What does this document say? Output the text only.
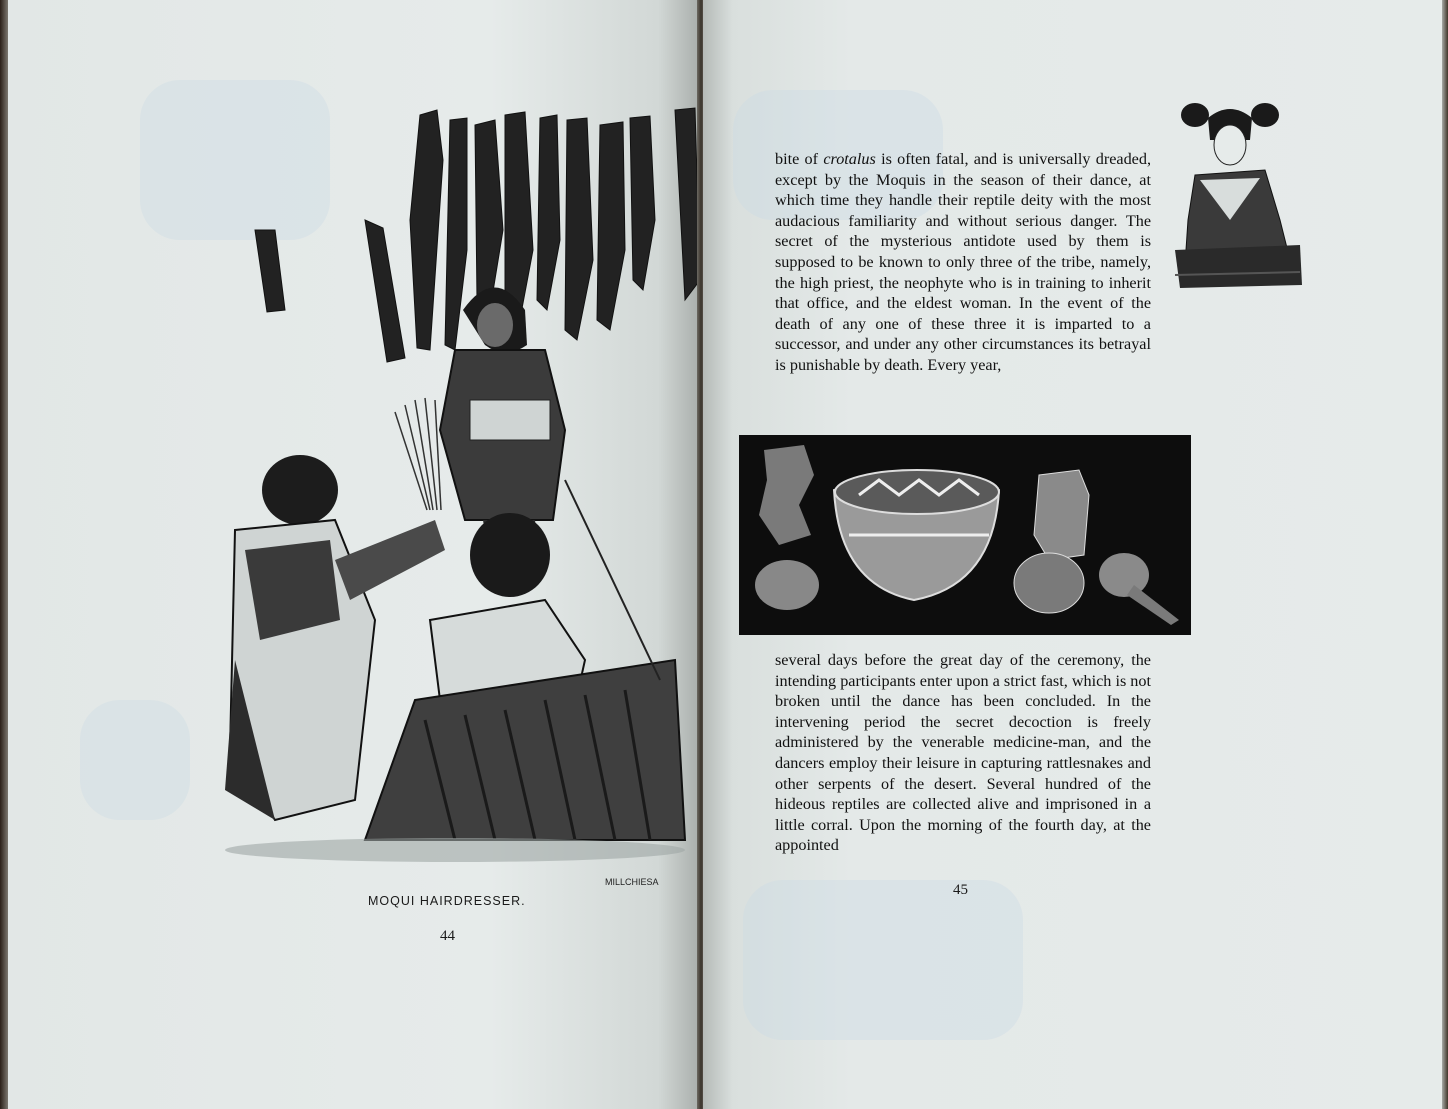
MILLCHIESA
MOQUI HAIRDRESSER.
44

bite of crotalus is often fatal, and is universally dreaded, except by the Moquis in the season of their dance, at which time they handle their reptile deity with the most audacious familiarity and without serious danger. The secret of the mysterious antidote used by them is supposed to be known to only three of the tribe, namely, the high priest, the neophyte who is in training to inherit that office, and the eldest woman. In the event of the death of any one of these three it is imparted to a successor, and under any other circumstances its betrayal is punishable by death. Every year,

several days before the great day of the ceremony, the intending participants enter upon a strict fast, which is not broken until the dance has been concluded. In the intervening period the secret decoction is freely administered by the venerable medicine-man, and the dancers employ their leisure in capturing rattlesnakes and other serpents of the desert. Several hundred of the hideous reptiles are collected alive and imprisoned in a little corral. Upon the morning of the fourth day, at the appointed

45
